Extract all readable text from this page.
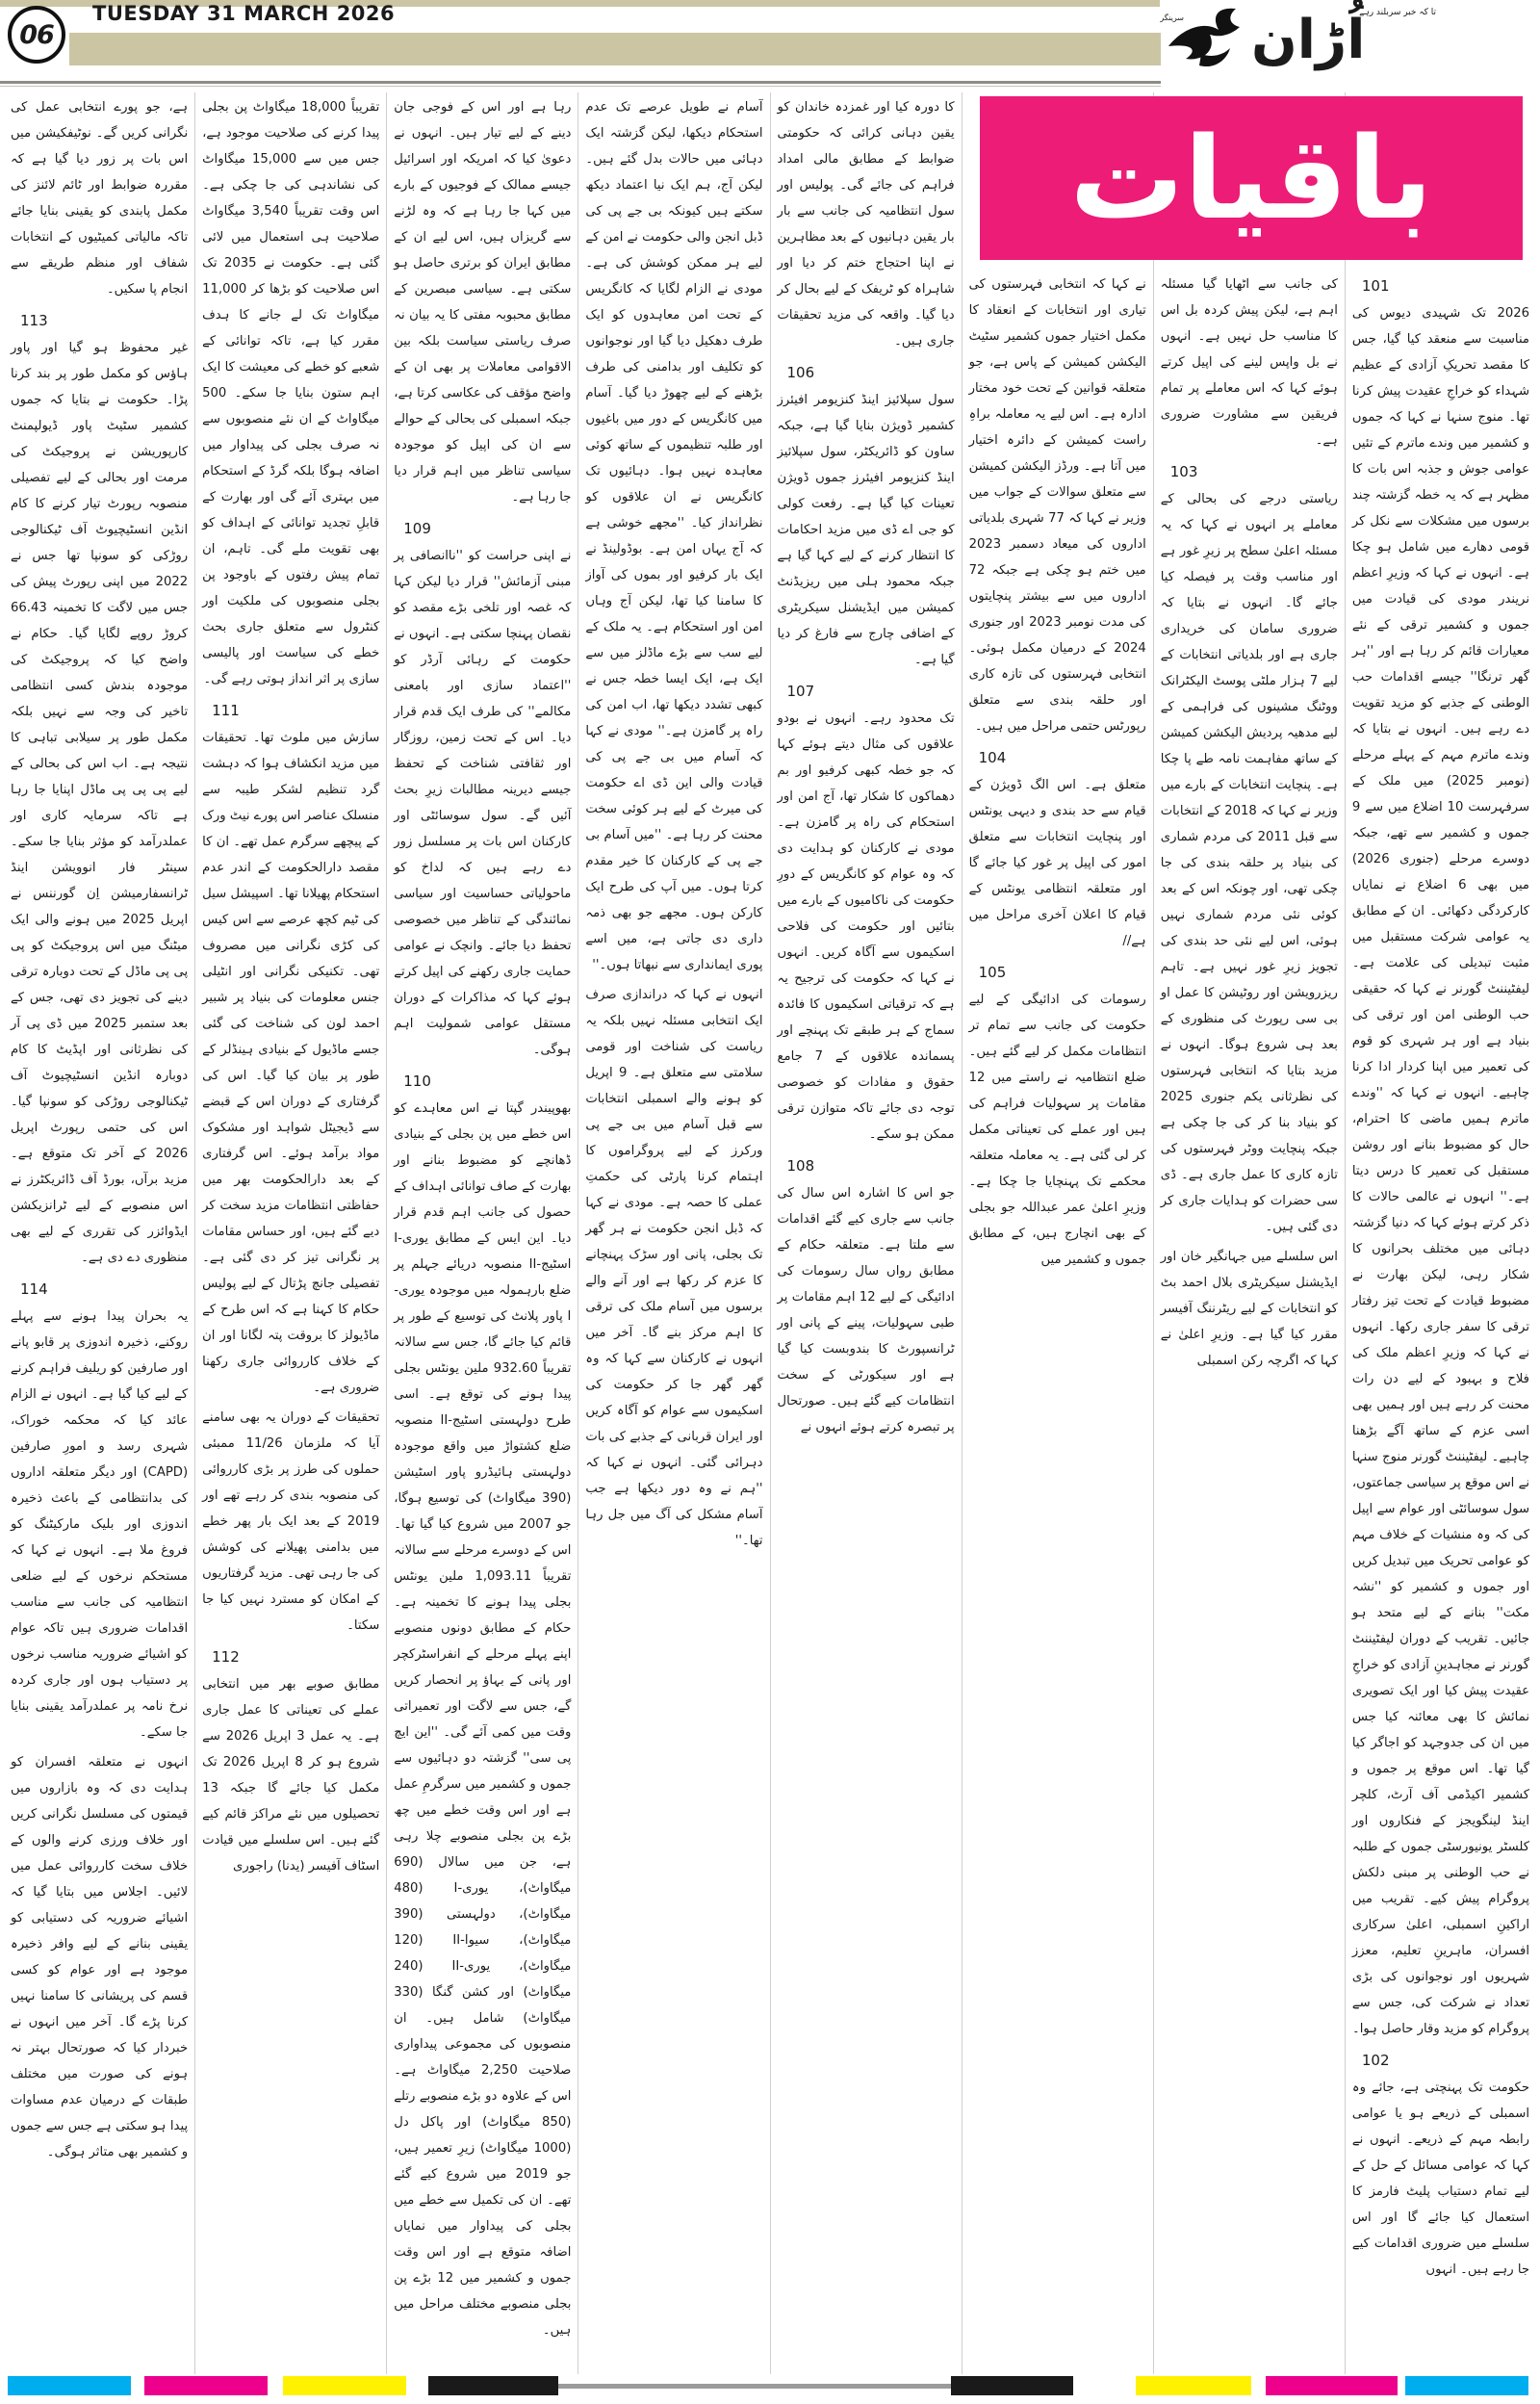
06
TUESDAY 31 MARCH 2026	اُڑان
تا کہ خبر سربلند رہے
سرینگر
باقیات
ہے، جو پورے انتخابی عمل کی نگرانی کریں گے۔ نوٹیفکیشن میں اس بات پر زور دیا گیا ہے کہ مقررہ ضوابط اور ٹائم لائنز کی مکمل پابندی کو یقینی بنایا جائے تاکہ مالیاتی کمیٹیوں کے انتخابات شفاف اور منظم طریقے سے انجام پا سکیں۔
113
غیر محفوظ ہو گیا اور پاور ہاؤس کو مکمل طور پر بند کرنا پڑا۔ حکومت نے بتایا کہ جموں کشمیر سٹیٹ پاور ڈیولپمنٹ کارپوریشن نے پروجیکٹ کی مرمت اور بحالی کے لیے تفصیلی منصوبہ رپورٹ تیار کرنے کا کام انڈین انسٹیچیوٹ آف ٹیکنالوجی روڑکی کو سونپا تھا جس نے 2022 میں اپنی رپورٹ پیش کی جس میں لاگت کا تخمینہ 66.43 کروڑ روپے لگایا گیا۔ حکام نے واضح کیا کہ پروجیکٹ کی موجودہ بندش کسی انتظامی تاخیر کی وجہ سے نہیں بلکہ مکمل طور پر سیلابی تباہی کا نتیجہ ہے۔ اب اس کی بحالی کے لیے پی پی پی ماڈل اپنایا جا رہا ہے تاکہ سرمایہ کاری اور عملدرآمد کو مؤثر بنایا جا سکے۔ سینٹر فار انوویشن اینڈ ٹرانسفارمیشن اِن گورننس نے اپریل 2025 میں ہونے والی ایک میٹنگ میں اس پروجیکٹ کو پی پی پی ماڈل کے تحت دوبارہ ترقی دینے کی تجویز دی تھی، جس کے بعد ستمبر 2025 میں ڈی پی آر کی نظرثانی اور اپڈیٹ کا کام دوبارہ انڈین انسٹیچیوٹ آف ٹیکنالوجی روڑکی کو سونپا گیا۔ اس کی حتمی رپورٹ اپریل 2026 کے آخر تک متوقع ہے۔ مزید برآں، بورڈ آف ڈائریکٹرز نے اس منصوبے کے لیے ٹرانزیکشن ایڈوائزر کی تقرری کے لیے بھی منظوری دے دی ہے۔
114
یہ بحران پیدا ہونے سے پہلے روکنے، ذخیرہ اندوزی پر قابو پانے اور صارفین کو ریلیف فراہم کرنے کے لیے کیا گیا ہے۔ انہوں نے الزام عائد کیا کہ محکمہ خوراک، شہری رسد و امورِ صارفین (CAPD) اور دیگر متعلقہ اداروں کی بدانتظامی کے باعث ذخیرہ اندوزی اور بلیک مارکیٹنگ کو فروغ ملا ہے۔ انہوں نے کہا کہ مستحکم نرخوں کے لیے ضلعی انتظامیہ کی جانب سے مناسب اقدامات ضروری ہیں تاکہ عوام کو اشیائے ضروریہ مناسب نرخوں پر دستیاب ہوں اور جاری کردہ نرخ نامہ پر عملدرآمد یقینی بنایا جا سکے۔
انہوں نے متعلقہ افسران کو ہدایت دی کہ وہ بازاروں میں قیمتوں کی مسلسل نگرانی کریں اور خلاف ورزی کرنے والوں کے خلاف سخت کارروائی عمل میں لائیں۔ اجلاس میں بتایا گیا کہ اشیائے ضروریہ کی دستیابی کو یقینی بنانے کے لیے وافر ذخیرہ موجود ہے اور عوام کو کسی قسم کی پریشانی کا سامنا نہیں کرنا پڑے گا۔ آخر میں انہوں نے خبردار کیا کہ صورتحال بہتر نہ ہونے کی صورت میں مختلف طبقات کے درمیان عدم مساوات پیدا ہو سکتی ہے جس سے جموں و کشمیر بھی متاثر ہوگی۔
تقریباً 18,000 میگاواٹ پن بجلی پیدا کرنے کی صلاحیت موجود ہے، جس میں سے 15,000 میگاواٹ کی نشاندہی کی جا چکی ہے۔ اس وقت تقریباً 3,540 میگاواٹ صلاحیت ہی استعمال میں لائی گئی ہے۔ حکومت نے 2035 تک اس صلاحیت کو بڑھا کر 11,000 میگاواٹ تک لے جانے کا ہدف مقرر کیا ہے، تاکہ توانائی کے شعبے کو خطے کی معیشت کا ایک اہم ستون بنایا جا سکے۔ 500 میگاواٹ کے ان نئے منصوبوں سے نہ صرف بجلی کی پیداوار میں اضافہ ہوگا بلکہ گرڈ کے استحکام میں بہتری آئے گی اور بھارت کے قابلِ تجدید توانائی کے اہداف کو بھی تقویت ملے گی۔ تاہم، ان تمام پیش رفتوں کے باوجود پن بجلی منصوبوں کی ملکیت اور کنٹرول سے متعلق جاری بحث خطے کی سیاست اور پالیسی سازی پر اثر انداز ہوتی رہے گی۔
111
سازش میں ملوث تھا۔ تحقیقات میں مزید انکشاف ہوا کہ دہشت گرد تنظیم لشکر طیبہ سے منسلک عناصر اس پورے نیٹ ورک کے پیچھے سرگرم عمل تھے۔ ان کا مقصد دارالحکومت کے اندر عدم استحکام پھیلانا تھا۔ اسپیشل سیل کی ٹیم کچھ عرصے سے اس کیس کی کڑی نگرانی میں مصروف تھی۔ تکنیکی نگرانی اور انٹیلی جنس معلومات کی بنیاد پر شبیر احمد لون کی شناخت کی گئی جسے ماڈیول کے بنیادی ہینڈلر کے طور پر بیان کیا گیا۔ اس کی گرفتاری کے دوران اس کے قبضے سے ڈیجیٹل شواہد اور مشکوک مواد برآمد ہوئے۔ اس گرفتاری کے بعد دارالحکومت بھر میں حفاظتی انتظامات مزید سخت کر دیے گئے ہیں، اور حساس مقامات پر نگرانی تیز کر دی گئی ہے۔ تفصیلی جانچ پڑتال کے لیے پولیس حکام کا کہنا ہے کہ اس طرح کے ماڈیولز کا بروقت پتہ لگانا اور ان کے خلاف کارروائی جاری رکھنا ضروری ہے۔
تحقیقات کے دوران یہ بھی سامنے آیا کہ ملزمان 11/26 ممبئی حملوں کی طرز پر بڑی کارروائی کی منصوبہ بندی کر رہے تھے اور 2019 کے بعد ایک بار پھر خطے میں بدامنی پھیلانے کی کوشش کی جا رہی تھی۔ مزید گرفتاریوں کے امکان کو مسترد نہیں کیا جا سکتا۔
112
مطابق صوبے بھر میں انتخابی عملے کی تعیناتی کا عمل جاری ہے۔ یہ عمل 3 اپریل 2026 سے شروع ہو کر 8 اپریل 2026 تک مکمل کیا جائے گا جبکہ 13 تحصیلوں میں نئے مراکز قائم کیے گئے ہیں۔ اس سلسلے میں قیادت اسٹاف آفیسر (یدنا) راجوری
رہا ہے اور اس کے فوجی جان دینے کے لیے تیار ہیں۔ انہوں نے دعویٰ کیا کہ امریکہ اور اسرائیل جیسے ممالک کے فوجیوں کے بارے میں کہا جا رہا ہے کہ وہ لڑنے سے گریزاں ہیں، اس لیے ان کے مطابق ایران کو برتری حاصل ہو سکتی ہے۔ سیاسی مبصرین کے مطابق محبوبہ مفتی کا یہ بیان نہ صرف ریاستی سیاست بلکہ بین الاقوامی معاملات پر بھی ان کے واضح مؤقف کی عکاسی کرتا ہے، جبکہ اسمبلی کی بحالی کے حوالے سے ان کی اپیل کو موجودہ سیاسی تناظر میں اہم قرار دیا جا رہا ہے۔
109
نے اپنی حراست کو ''ناانصافی پر مبنی آزمائش'' قرار دیا لیکن کہا کہ غصہ اور تلخی بڑے مقصد کو نقصان پہنچا سکتی ہے۔ انہوں نے حکومت کے رہائی آرڈر کو ''اعتماد سازی اور بامعنی مکالمے'' کی طرف ایک قدم قرار دیا۔ اس کے تحت زمین، روزگار اور ثقافتی شناخت کے تحفظ جیسے دیرینہ مطالبات زیرِ بحث آئیں گے۔ سول سوسائٹی اور کارکنان اس بات پر مسلسل زور دے رہے ہیں کہ لداخ کو ماحولیاتی حساسیت اور سیاسی نمائندگی کے تناظر میں خصوصی تحفظ دیا جائے۔ وانچک نے عوامی حمایت جاری رکھنے کی اپیل کرتے ہوئے کہا کہ مذاکرات کے دوران مستقل عوامی شمولیت اہم ہوگی۔
110
بھوپیندر گپتا نے اس معاہدے کو اس خطے میں پن بجلی کے بنیادی ڈھانچے کو مضبوط بنانے اور بھارت کے صاف توانائی اہداف کے حصول کی جانب اہم قدم قرار دیا۔ این ایس کے مطابق یوری-I اسٹیج-II منصوبہ دریائے جہلم پر ضلع بارہمولہ میں موجودہ یوری-I پاور پلانٹ کی توسیع کے طور پر قائم کیا جائے گا، جس سے سالانہ تقریباً 932.60 ملین یونٹس بجلی پیدا ہونے کی توقع ہے۔ اسی طرح دولہستی اسٹیج-II منصوبہ ضلع کشتواڑ میں واقع موجودہ دولہستی ہائیڈرو پاور اسٹیشن (390 میگاواٹ) کی توسیع ہوگا، جو 2007 میں شروع کیا گیا تھا۔ اس کے دوسرے مرحلے سے سالانہ تقریباً 1,093.11 ملین یونٹس بجلی پیدا ہونے کا تخمینہ ہے۔ حکام کے مطابق دونوں منصوبے اپنے پہلے مرحلے کے انفراسٹرکچر اور پانی کے بہاؤ پر انحصار کریں گے، جس سے لاگت اور تعمیراتی وقت میں کمی آئے گی۔ ''این ایچ پی سی'' گزشتہ دو دہائیوں سے جموں و کشمیر میں سرگرمِ عمل ہے اور اس وقت خطے میں چھ بڑے پن بجلی منصوبے چلا رہی ہے، جن میں سالال (690 میگاواٹ)، یوری-I (480 میگاواٹ)، دولہستی (390 میگاواٹ)، سیوا-II (120 میگاواٹ)، یوری-II (240 میگاواٹ) اور کشن گنگا (330 میگاواٹ) شامل ہیں۔ ان منصوبوں کی مجموعی پیداواری صلاحیت 2,250 میگاواٹ ہے۔ اس کے علاوہ دو بڑے منصوبے رتلے (850 میگاواٹ) اور پاکل دل (1000 میگاواٹ) زیرِ تعمیر ہیں، جو 2019 میں شروع کیے گئے تھے۔ ان کی تکمیل سے خطے میں بجلی کی پیداوار میں نمایاں اضافہ متوقع ہے اور اس وقت جموں و کشمیر میں 12 بڑے پن بجلی منصوبے مختلف مراحل میں ہیں۔
آسام نے طویل عرصے تک عدم استحکام دیکھا، لیکن گزشتہ ایک دہائی میں حالات بدل گئے ہیں۔ لیکن آج، ہم ایک نیا اعتماد دیکھ سکتے ہیں کیونکہ بی جے پی کی ڈبل انجن والی حکومت نے امن کے لیے ہر ممکن کوشش کی ہے۔ مودی نے الزام لگایا کہ کانگریس کے تحت امن معاہدوں کو ایک طرف دھکیل دیا گیا اور نوجوانوں کو تکلیف اور بدامنی کی طرف بڑھنے کے لیے چھوڑ دیا گیا۔ آسام میں کانگریس کے دور میں باغیوں اور طلبہ تنظیموں کے ساتھ کوئی معاہدہ نہیں ہوا۔ دہائیوں تک کانگریس نے ان علاقوں کو نظرانداز کیا۔ ''مجھے خوشی ہے کہ آج یہاں امن ہے۔ بوڈولینڈ نے ایک بار کرفیو اور بموں کی آواز کا سامنا کیا تھا، لیکن آج وہاں امن اور استحکام ہے۔ یہ ملک کے لیے سب سے بڑے ماڈلز میں سے ایک ہے، ایک ایسا خطہ جس نے کبھی تشدد دیکھا تھا، اب امن کی راہ پر گامزن ہے۔'' مودی نے کہا کہ آسام میں بی جے پی کی قیادت والی این ڈی اے حکومت کی میرٹ کے لیے ہر کوئی سخت محنت کر رہا ہے۔ ''میں آسام بی جے پی کے کارکنان کا خیر مقدم کرتا ہوں۔ میں آپ کی طرح ایک کارکن ہوں۔ مجھے جو بھی ذمہ داری دی جاتی ہے، میں اسے پوری ایمانداری سے نبھاتا ہوں۔''
انہوں نے کہا کہ دراندازی صرف ایک انتخابی مسئلہ نہیں بلکہ یہ ریاست کی شناخت اور قومی سلامتی سے متعلق ہے۔ 9 اپریل کو ہونے والے اسمبلی انتخابات سے قبل آسام میں بی جے پی ورکرز کے لیے پروگراموں کا اہتمام کرنا پارٹی کی حکمتِ عملی کا حصہ ہے۔ مودی نے کہا کہ ڈبل انجن حکومت نے ہر گھر تک بجلی، پانی اور سڑک پہنچانے کا عزم کر رکھا ہے اور آنے والے برسوں میں آسام ملک کی ترقی کا اہم مرکز بنے گا۔ آخر میں انہوں نے کارکنان سے کہا کہ وہ گھر گھر جا کر حکومت کی اسکیموں سے عوام کو آگاہ کریں اور ایران قربانی کے جذبے کی بات دہرائی گئی۔ انہوں نے کہا کہ ''ہم نے وہ دور دیکھا ہے جب آسام مشکل کی آگ میں جل رہا تھا۔''
کا دورہ کیا اور غمزدہ خاندان کو یقین دہانی کرائی کہ حکومتی ضوابط کے مطابق مالی امداد فراہم کی جائے گی۔ پولیس اور سول انتظامیہ کی جانب سے بار بار یقین دہانیوں کے بعد مظاہرین نے اپنا احتجاج ختم کر دیا اور شاہراہ کو ٹریفک کے لیے بحال کر دیا گیا۔ واقعہ کی مزید تحقیقات جاری ہیں۔
106
سول سپلائیز اینڈ کنزیومر افیئرز کشمیر ڈویژن بنایا گیا ہے، جبکہ ساون کو ڈائریکٹر، سول سپلائیز اینڈ کنزیومر افیئرز جموں ڈویژن تعینات کیا گیا ہے۔ رفعت کولی کو جی اے ڈی میں مزید احکامات کا انتظار کرنے کے لیے کہا گیا ہے جبکہ محمود ہلی میں ریزیڈنٹ کمیشن میں ایڈیشنل سیکریٹری کے اضافی چارج سے فارغ کر دیا گیا ہے۔
107
تک محدود رہے۔ انہوں نے بودو علاقوں کی مثال دیتے ہوئے کہا کہ جو خطہ کبھی کرفیو اور بم دھماکوں کا شکار تھا، آج امن اور استحکام کی راہ پر گامزن ہے۔ مودی نے کارکنان کو ہدایت دی کہ وہ عوام کو کانگریس کے دورِ حکومت کی ناکامیوں کے بارے میں بتائیں اور حکومت کی فلاحی اسکیموں سے آگاہ کریں۔ انہوں نے کہا کہ حکومت کی ترجیح یہ ہے کہ ترقیاتی اسکیموں کا فائدہ سماج کے ہر طبقے تک پہنچے اور پسماندہ علاقوں کے 7 جامع حقوق و مفادات کو خصوصی توجہ دی جائے تاکہ متوازن ترقی ممکن ہو سکے۔
108
جو اس کا اشارہ اس سال کی جانب سے جاری کیے گئے اقدامات سے ملتا ہے۔ متعلقہ حکام کے مطابق رواں سال رسومات کی ادائیگی کے لیے 12 اہم مقامات پر طبی سہولیات، پینے کے پانی اور ٹرانسپورٹ کا بندوبست کیا گیا ہے اور سیکورٹی کے سخت انتظامات کیے گئے ہیں۔ صورتحال پر تبصرہ کرتے ہوئے انہوں نے
نے کہا کہ انتخابی فہرستوں کی تیاری اور انتخابات کے انعقاد کا مکمل اختیار جموں کشمیر سٹیٹ الیکشن کمیشن کے پاس ہے، جو متعلقہ قوانین کے تحت خود مختار ادارہ ہے۔ اس لیے یہ معاملہ براہِ راست کمیشن کے دائرہ اختیار میں آتا ہے۔ ورڈز الیکشن کمیشن سے متعلق سوالات کے جواب میں وزیر نے کہا کہ 77 شہری بلدیاتی اداروں کی میعاد دسمبر 2023 میں ختم ہو چکی ہے جبکہ 72 اداروں میں سے بیشتر پنچایتوں کی مدت نومبر 2023 اور جنوری 2024 کے درمیان مکمل ہوئی۔ انتخابی فہرستوں کی تازہ کاری اور حلقہ بندی سے متعلق رپورٹس حتمی مراحل میں ہیں۔
104
متعلق ہے۔ اس الگ ڈویژن کے قیام سے حد بندی و دیہی یونٹس اور پنچایت انتخابات سے متعلق امور کی اپیل پر غور کیا جائے گا اور متعلقہ انتظامی یونٹس کے قیام کا اعلان آخری مراحل میں ہے//
105
رسومات کی ادائیگی کے لیے حکومت کی جانب سے تمام تر انتظامات مکمل کر لیے گئے ہیں۔ ضلع انتظامیہ نے راستے میں 12 مقامات پر سہولیات فراہم کی ہیں اور عملے کی تعیناتی مکمل کر لی گئی ہے۔ یہ معاملہ متعلقہ محکمے تک پہنچایا جا چکا ہے۔ وزیرِ اعلیٰ عمر عبداللہ جو بجلی کے بھی انچارج ہیں، کے مطابق جموں و کشمیر میں
کی جانب سے اٹھایا گیا مسئلہ اہم ہے، لیکن پیش کردہ بل اس کا مناسب حل نہیں ہے۔ انہوں نے بل واپس لینے کی اپیل کرتے ہوئے کہا کہ اس معاملے پر تمام فریقین سے مشاورت ضروری ہے۔
103
ریاستی درجے کی بحالی کے معاملے پر انہوں نے کہا کہ یہ مسئلہ اعلیٰ سطح پر زیرِ غور ہے اور مناسب وقت پر فیصلہ کیا جائے گا۔ انہوں نے بتایا کہ ضروری سامان کی خریداری جاری ہے اور بلدیاتی انتخابات کے لیے 7 ہزار ملٹی پوسٹ الیکٹرانک ووٹنگ مشینوں کی فراہمی کے لیے مدھیہ پردیش الیکشن کمیشن کے ساتھ مفاہمت نامہ طے پا چکا ہے۔ پنچایت انتخابات کے بارے میں وزیر نے کہا کہ 2018 کے انتخابات سے قبل 2011 کی مردم شماری کی بنیاد پر حلقہ بندی کی جا چکی تھی، اور چونکہ اس کے بعد کوئی نئی مردم شماری نہیں ہوئی، اس لیے نئی حد بندی کی تجویز زیرِ غور نہیں ہے۔ تاہم ریزرویشن اور روٹیشن کا عمل او بی سی رپورٹ کی منظوری کے بعد ہی شروع ہوگا۔ انہوں نے مزید بتایا کہ انتخابی فہرستوں کی نظرثانی یکم جنوری 2025 کو بنیاد بنا کر کی جا چکی ہے جبکہ پنچایت ووٹر فہرستوں کی تازہ کاری کا عمل جاری ہے۔ ڈی سی حضرات کو ہدایات جاری کر دی گئی ہیں۔
اس سلسلے میں جہانگیر خان اور ایڈیشنل سیکریٹری بلال احمد بٹ کو انتخابات کے لیے ریٹرننگ آفیسر مقرر کیا گیا ہے۔ وزیرِ اعلیٰ نے کہا کہ اگرچہ رکن اسمبلی
101
2026 تک شہیدی دیوس کی مناسبت سے منعقد کیا گیا، جس کا مقصد تحریکِ آزادی کے عظیم شہداء کو خراجِ عقیدت پیش کرنا تھا۔ منوج سنہا نے کہا کہ جموں و کشمیر میں وندے ماترم کے تئیں عوامی جوش و جذبہ اس بات کا مظہر ہے کہ یہ خطہ گزشتہ چند برسوں میں مشکلات سے نکل کر قومی دھارے میں شامل ہو چکا ہے۔ انہوں نے کہا کہ وزیرِ اعظم نریندر مودی کی قیادت میں جموں و کشمیر ترقی کے نئے معیارات قائم کر رہا ہے اور ''ہر گھر ترنگا'' جیسے اقدامات حب الوطنی کے جذبے کو مزید تقویت دے رہے ہیں۔ انہوں نے بتایا کہ وندے ماترم مہم کے پہلے مرحلے (نومبر 2025) میں ملک کے سرفہرست 10 اضلاع میں سے 9 جموں و کشمیر سے تھے، جبکہ دوسرے مرحلے (جنوری 2026) میں بھی 6 اضلاع نے نمایاں کارکردگی دکھائی۔ ان کے مطابق یہ عوامی شرکت مستقبل میں مثبت تبدیلی کی علامت ہے۔ لیفٹیننٹ گورنر نے کہا کہ حقیقی حب الوطنی امن اور ترقی کی بنیاد ہے اور ہر شہری کو قوم کی تعمیر میں اپنا کردار ادا کرنا چاہیے۔ انہوں نے کہا کہ ''وندے ماترم ہمیں ماضی کا احترام، حال کو مضبوط بنانے اور روشن مستقبل کی تعمیر کا درس دیتا ہے۔'' انہوں نے عالمی حالات کا ذکر کرتے ہوئے کہا کہ دنیا گزشتہ دہائی میں مختلف بحرانوں کا شکار رہی، لیکن بھارت نے مضبوط قیادت کے تحت تیز رفتار ترقی کا سفر جاری رکھا۔ انہوں نے کہا کہ وزیرِ اعظم ملک کی فلاح و بہبود کے لیے دن رات محنت کر رہے ہیں اور ہمیں بھی اسی عزم کے ساتھ آگے بڑھنا چاہیے۔ لیفٹیننٹ گورنر منوج سنہا نے اس موقع پر سیاسی جماعتوں، سول سوسائٹی اور عوام سے اپیل کی کہ وہ منشیات کے خلاف مہم کو عوامی تحریک میں تبدیل کریں اور جموں و کشمیر کو ''نشہ مکت'' بنانے کے لیے متحد ہو جائیں۔ تقریب کے دوران لیفٹیننٹ گورنر نے مجاہدینِ آزادی کو خراجِ عقیدت پیش کیا اور ایک تصویری نمائش کا بھی معائنہ کیا جس میں ان کی جدوجہد کو اجاگر کیا گیا تھا۔ اس موقع پر جموں و کشمیر اکیڈمی آف آرٹ، کلچر اینڈ لینگویجز کے فنکاروں اور کلسٹر یونیورسٹی جموں کے طلبہ نے حب الوطنی پر مبنی دلکش پروگرام پیش کیے۔ تقریب میں اراکینِ اسمبلی، اعلیٰ سرکاری افسران، ماہرینِ تعلیم، معزز شہریوں اور نوجوانوں کی بڑی تعداد نے شرکت کی، جس سے پروگرام کو مزید وقار حاصل ہوا۔
102
حکومت تک پہنچتی ہے، جائے وہ اسمبلی کے ذریعے ہو یا عوامی رابطہ مہم کے ذریعے۔ انہوں نے کہا کہ عوامی مسائل کے حل کے لیے تمام دستیاب پلیٹ فارمز کا استعمال کیا جائے گا اور اس سلسلے میں ضروری اقدامات کیے جا رہے ہیں۔ انہوں
